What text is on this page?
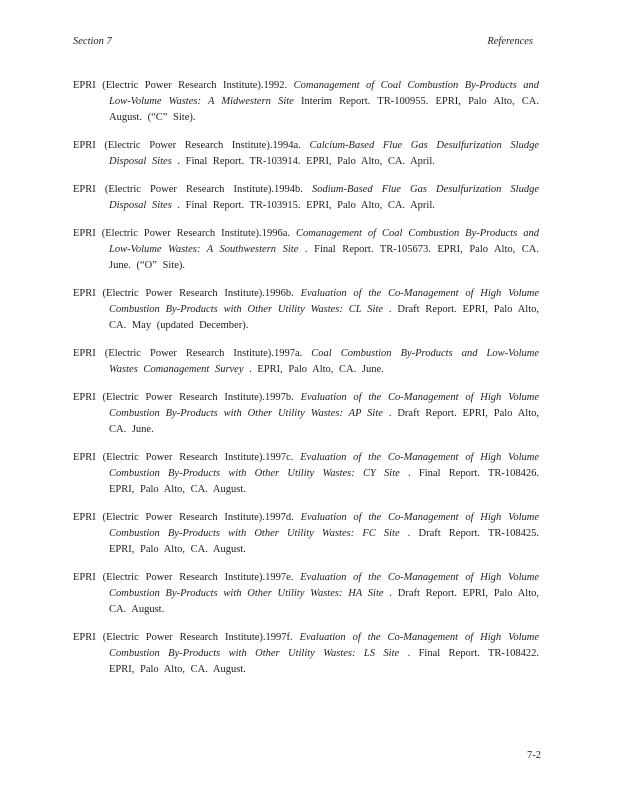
Section 7	References

EPRI (Electric Power Research Institute).1992. Comanagement of Coal Combustion By-Products and Low-Volume Wastes: A Midwestern Site Interim Report. TR-100955. EPRI, Palo Alto, CA. August. (“C” Site).

EPRI (Electric Power Research Institute).1994a. Calcium-Based Flue Gas Desulfurization Sludge Disposal Sites . Final Report. TR-103914. EPRI, Palo Alto, CA. April.

EPRI (Electric Power Research Institute).1994b. Sodium-Based Flue Gas Desulfurization Sludge Disposal Sites . Final Report. TR-103915. EPRI, Palo Alto, CA. April.

EPRI (Electric Power Research Institute).1996a. Comanagement of Coal Combustion By-Products and Low-Volume Wastes: A Southwestern Site . Final Report. TR-105673. EPRI, Palo Alto, CA. June. (“O” Site).

EPRI (Electric Power Research Institute).1996b. Evaluation of the Co-Management of High Volume Combustion By-Products with Other Utility Wastes: CL Site . Draft Report. EPRI, Palo Alto, CA. May (updated December).

EPRI (Electric Power Research Institute).1997a. Coal Combustion By-Products and Low-Volume Wastes Comanagement Survey . EPRI, Palo Alto, CA. June.

EPRI (Electric Power Research Institute).1997b. Evaluation of the Co-Management of High Volume Combustion By-Products with Other Utility Wastes: AP Site . Draft Report. EPRI, Palo Alto, CA. June.

EPRI (Electric Power Research Institute).1997c. Evaluation of the Co-Management of High Volume Combustion By-Products with Other Utility Wastes: CY Site . Final Report. TR-108426. EPRI, Palo Alto, CA. August.

EPRI (Electric Power Research Institute).1997d. Evaluation of the Co-Management of High Volume Combustion By-Products with Other Utility Wastes: FC Site . Draft Report. TR-108425. EPRI, Palo Alto, CA. August.

EPRI (Electric Power Research Institute).1997e. Evaluation of the Co-Management of High Volume Combustion By-Products with Other Utility Wastes: HA Site . Draft Report. EPRI, Palo Alto, CA. August.

EPRI (Electric Power Research Institute).1997f. Evaluation of the Co-Management of High Volume Combustion By-Products with Other Utility Wastes: LS Site . Final Report. TR-108422. EPRI, Palo Alto, CA. August.

7-2
